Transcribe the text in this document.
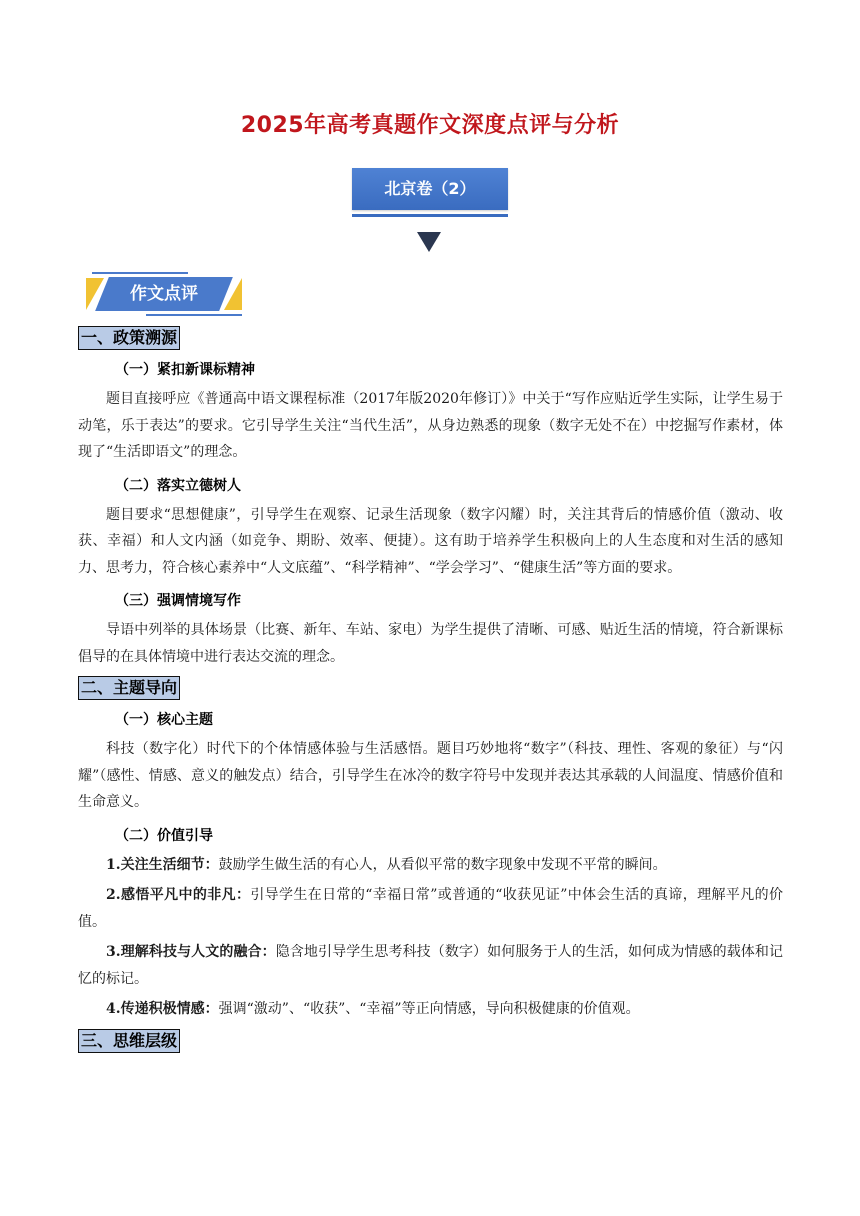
2025年高考真题作文深度点评与分析
北京卷（2）
作文点评
一、政策溯源
（一）紧扣新课标精神

题目直接呼应《普通高中语文课程标准（2017年版2020年修订）》中关于“写作应贴近学生实际，让学生易于动笔，乐于表达”的要求。它引导学生关注“当代生活”，从身边熟悉的现象（数字无处不在）中挖掘写作素材，体现了“生活即语文”的理念。

（二）落实立德树人

题目要求“思想健康”，引导学生在观察、记录生活现象（数字闪耀）时，关注其背后的情感价值（激动、收获、幸福）和人文内涵（如竞争、期盼、效率、便捷）。这有助于培养学生积极向上的人生态度和对生活的感知力、思考力，符合核心素养中“人文底蕴”、“科学精神”、“学会学习”、“健康生活”等方面的要求。

（三）强调情境写作

导语中列举的具体场景（比赛、新年、车站、家电）为学生提供了清晰、可感、贴近生活的情境，符合新课标倡导的在具体情境中进行表达交流的理念。

二、主题导向
（一）核心主题

科技（数字化）时代下的个体情感体验与生活感悟。题目巧妙地将“数字”（科技、理性、客观的象征）与“闪耀”（感性、情感、意义的触发点）结合，引导学生在冰冷的数字符号中发现并表达其承载的人间温度、情感价值和生命意义。

（二）价值引导

1.关注生活细节：鼓励学生做生活的有心人，从看似平常的数字现象中发现不平常的瞬间。

2.感悟平凡中的非凡：引导学生在日常的“幸福日常”或普通的“收获见证”中体会生活的真谛，理解平凡的价值。

3.理解科技与人文的融合：隐含地引导学生思考科技（数字）如何服务于人的生活，如何成为情感的载体和记忆的标记。

4.传递积极情感：强调“激动”、“收获”、“幸福”等正向情感，导向积极健康的价值观。

三、思维层级
